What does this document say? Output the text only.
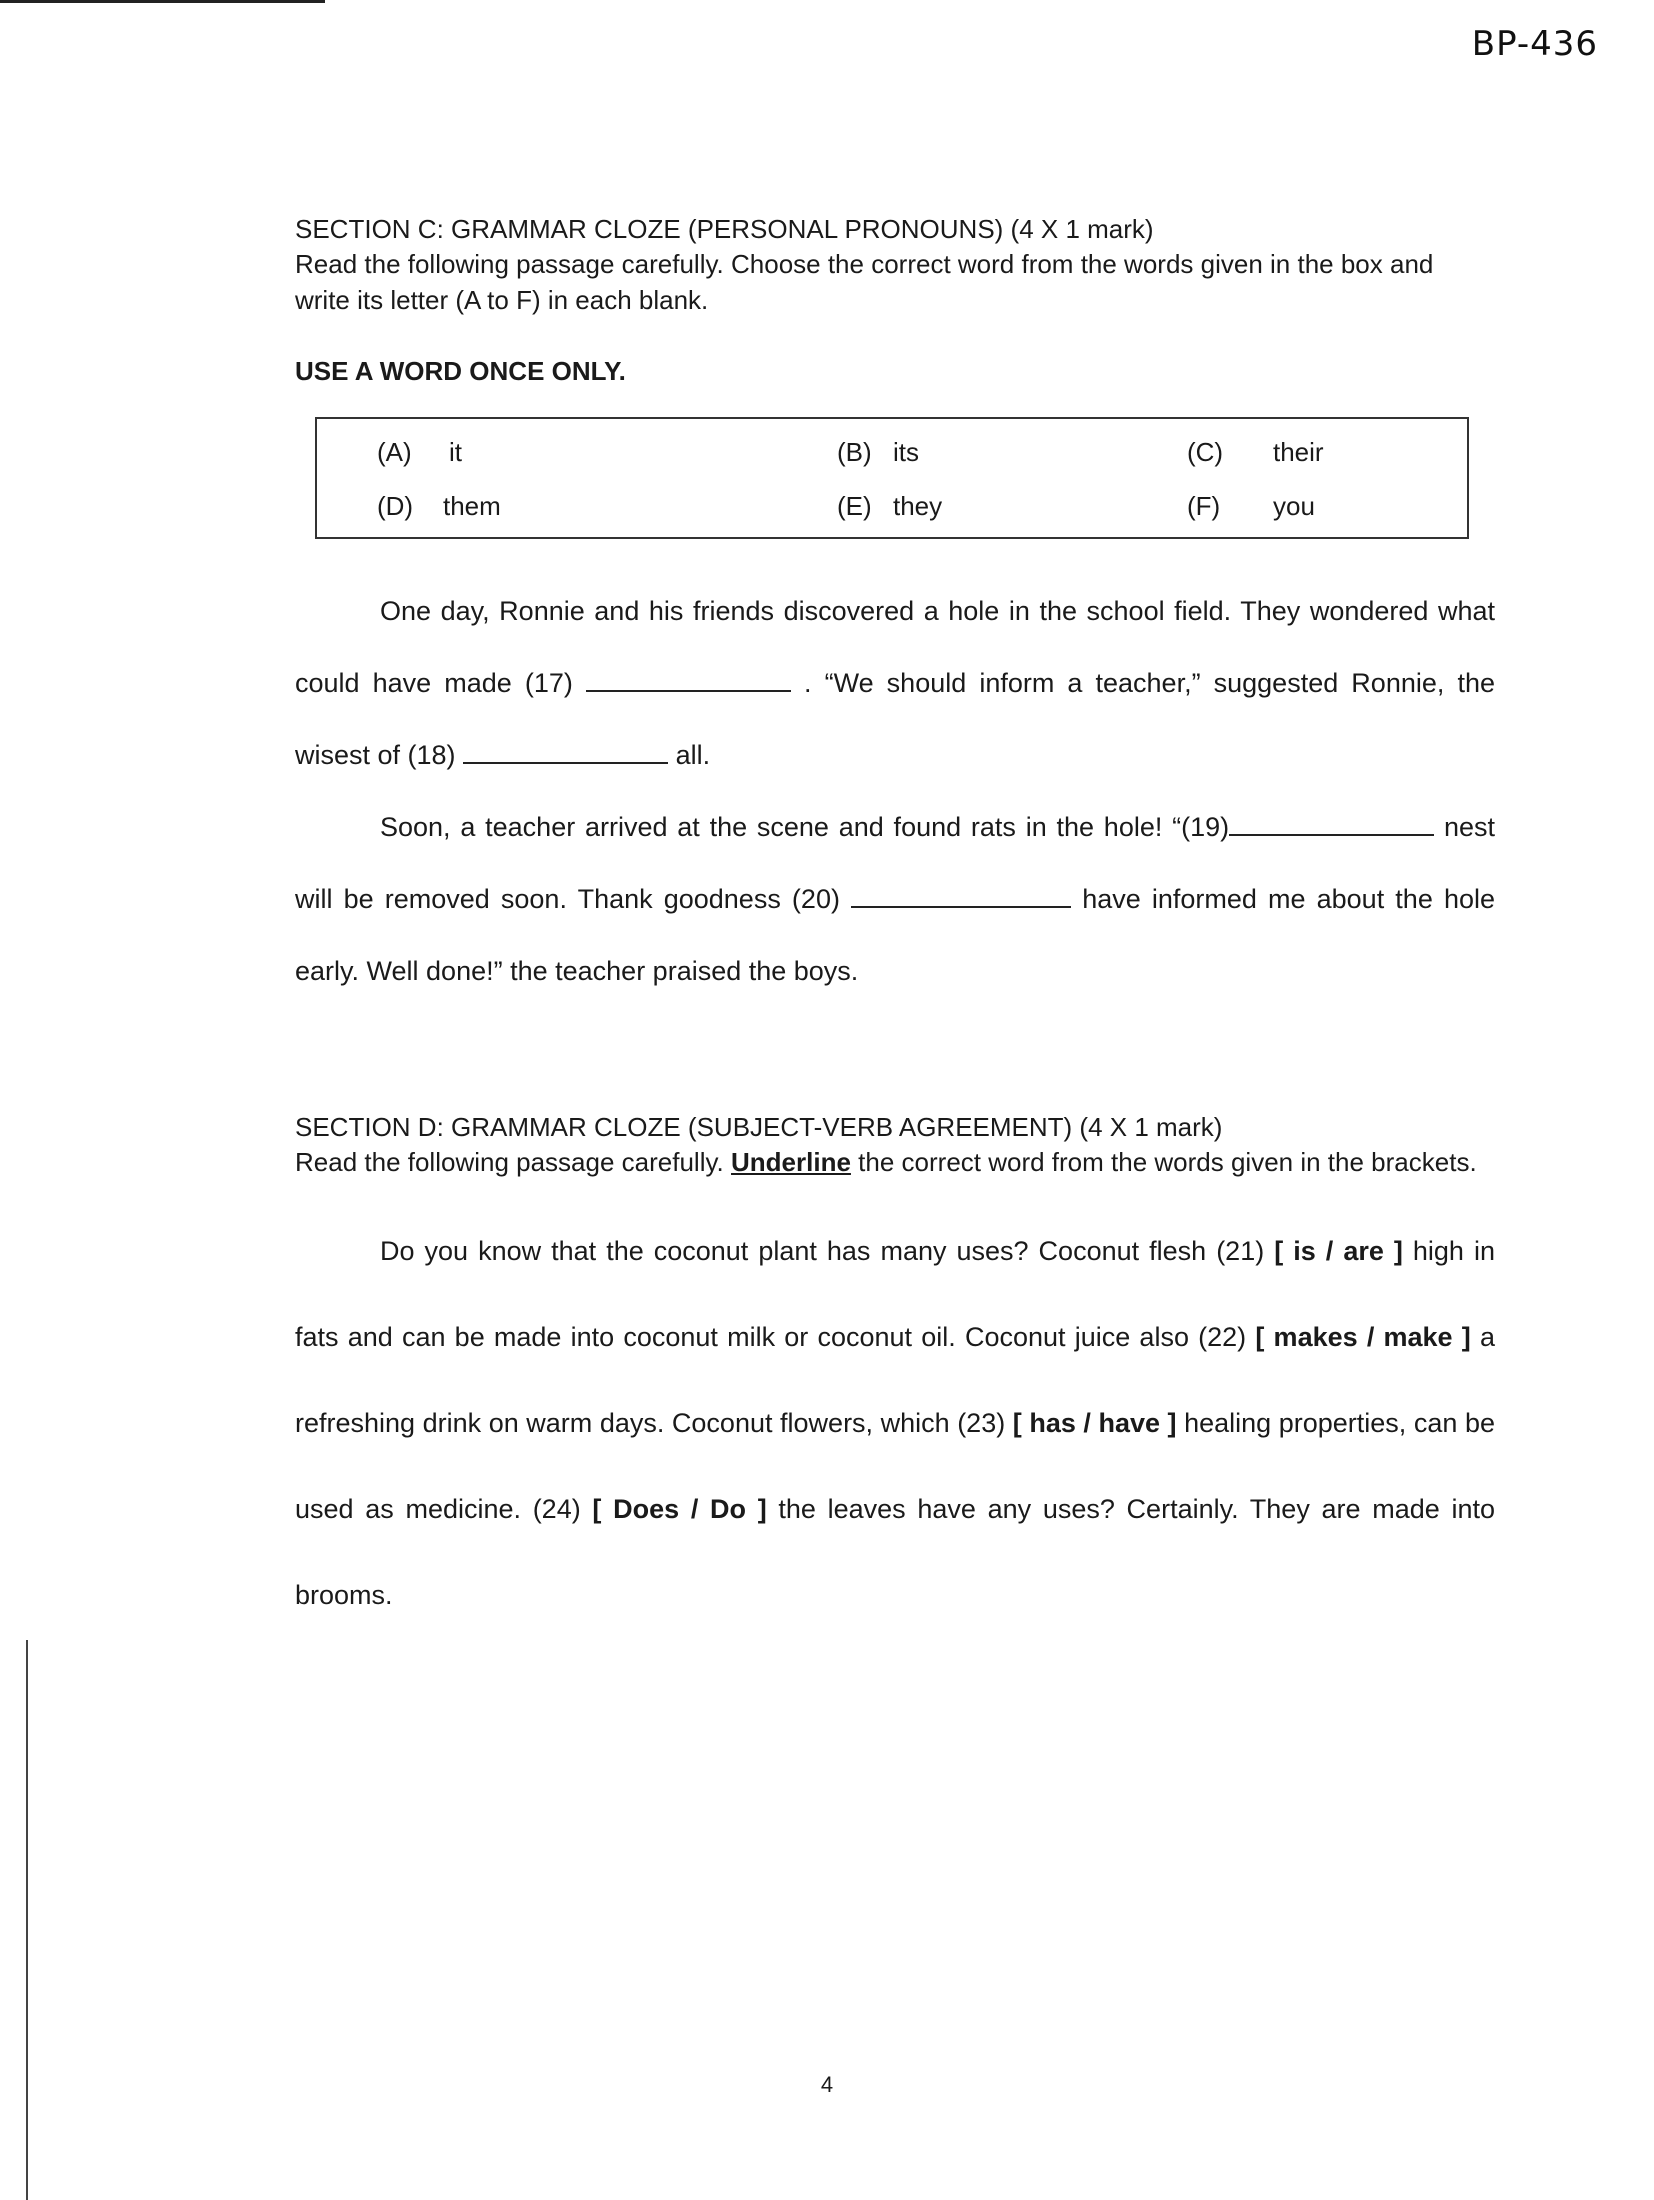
BP-436

SECTION C: GRAMMAR CLOZE (PERSONAL PRONOUNS) (4 X 1 mark)

Read the following passage carefully. Choose the correct word from the words given in the box and write its letter (A to F) in each blank.

USE A WORD ONCE ONLY.
(A) it	(B) its	(C) their
(D) them	(E) they	(F) you

One day, Ronnie and his friends discovered a hole in the school field. They wondered what could have made (17)	. “We should inform a teacher,” suggested Ronnie, the wisest of (18)	all.

Soon, a teacher arrived at the scene and found rats in the hole! “(19)	nest will be removed soon. Thank goodness (20)	have informed me about the hole early. Well done!” the teacher praised the boys.

SECTION D: GRAMMAR CLOZE (SUBJECT-VERB AGREEMENT) (4 X 1 mark)

Read the following passage carefully. Underline the correct word from the words given in the brackets.

Do you know that the coconut plant has many uses? Coconut flesh (21) [ is / are ] high in fats and can be made into coconut milk or coconut oil. Coconut juice also (22) [ makes / make ] a refreshing drink on warm days. Coconut flowers, which (23) [ has / have ] healing properties, can be used as medicine. (24) [ Does / Do ] the leaves have any uses? Certainly. They are made into brooms.

4
